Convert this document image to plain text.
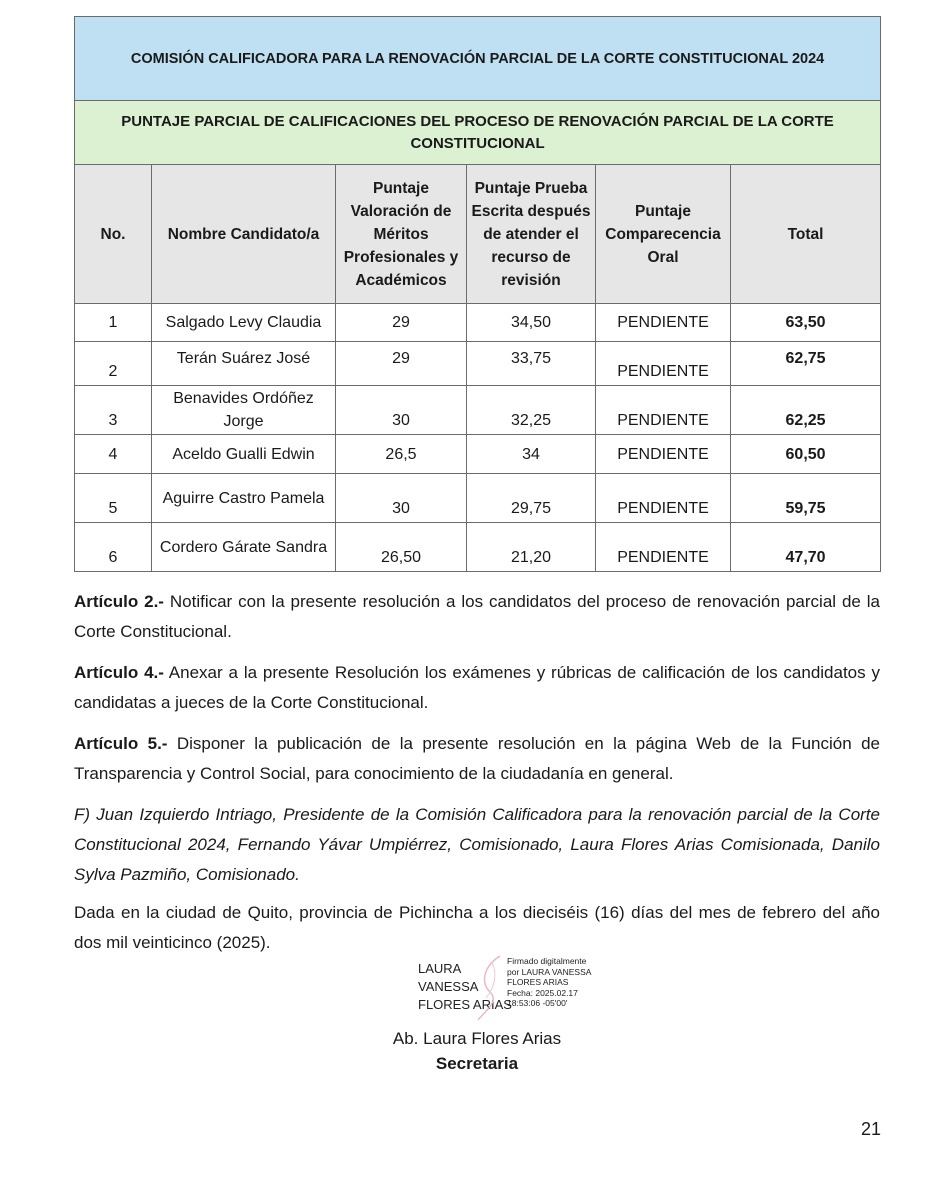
COMISIÓN CALIFICADORA PARA LA RENOVACIÓN PARCIAL DE LA CORTE CONSTITUCIONAL 2024					
PUNTAJE PARCIAL DE CALIFICACIONES DEL PROCESO DE RENOVACIÓN PARCIAL DE LA CORTE CONSTITUCIONAL					
No.	Nombre Candidato/a	Puntaje Valoración de Méritos Profesionales y Académicos	Puntaje Prueba Escrita después de atender el recurso de revisión	Puntaje Comparecencia Oral	Total
1	Salgado Levy Claudia	29	34,50	PENDIENTE	63,50
2	Terán Suárez José	29	33,75	PENDIENTE	62,75
3	Benavides Ordóñez Jorge	30	32,25	PENDIENTE	62,25
4	Aceldo Gualli Edwin	26,5	34	PENDIENTE	60,50
5	Aguirre Castro Pamela	30	29,75	PENDIENTE	59,75
6	Cordero Gárate Sandra	26,50	21,20	PENDIENTE	47,70

Artículo 2.- Notificar con la presente resolución a los candidatos del proceso de renovación parcial de la Corte Constitucional.

Artículo 4.- Anexar a la presente Resolución los exámenes y rúbricas de calificación de los candidatos y candidatas a jueces de la Corte Constitucional.

Artículo 5.- Disponer la publicación de la presente resolución en la página Web de la Función de Transparencia y Control Social, para conocimiento de la ciudadanía en general.

F) Juan Izquierdo Intriago, Presidente de la Comisión Calificadora para la renovación parcial de la Corte Constitucional 2024, Fernando Yávar Umpiérrez, Comisionado, Laura Flores Arias Comisionada, Danilo Sylva Pazmiño, Comisionado.

Dada en la ciudad de Quito, provincia de Pichincha a los dieciséis (16) días del mes de febrero del año dos mil veinticinco (2025).

LAURA
VANESSA
FLORES ARIAS
Firmado digitalmente
por LAURA VANESSA
FLORES ARIAS
Fecha: 2025.02.17
18:53:06 -05'00'
Ab. Laura Flores Arias
Secretaria
21
